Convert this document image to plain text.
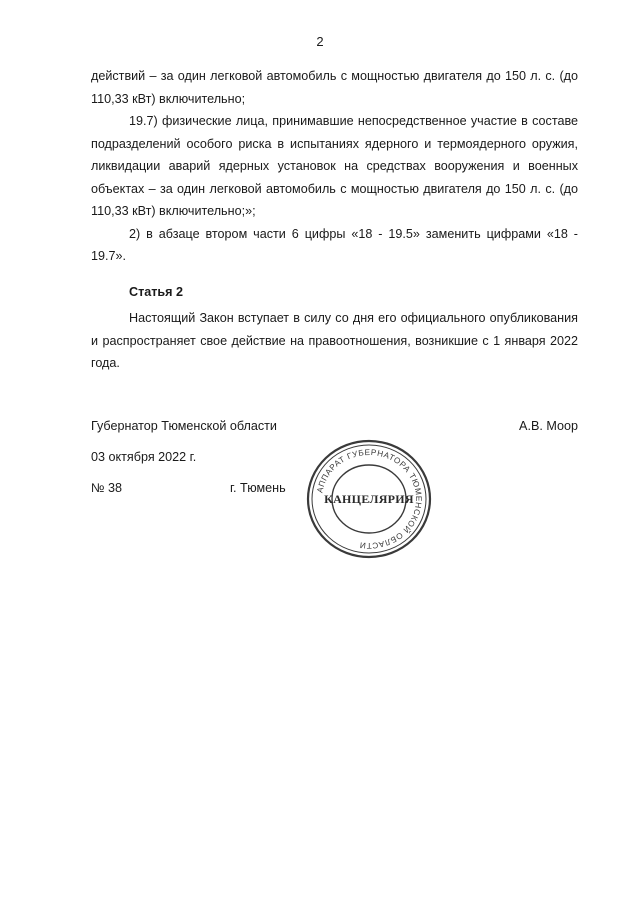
2

действий – за один легковой автомобиль с мощностью двигателя до 150 л. с. (до 110,33 кВт) включительно;

19.7) физические лица, принимавшие непосредственное участие в составе подразделений особого риска в испытаниях ядерного и термоядерного оружия, ликвидации аварий ядерных установок на средствах вооружения и военных объектах – за один легковой автомобиль с мощностью двигателя до 150 л. с. (до 110,33 кВт) включительно;»;

2) в абзаце втором части 6 цифры «18 - 19.5» заменить цифрами «18 - 19.7».

Статья 2

Настоящий Закон вступает в силу со дня его официального опубликования и распространяет свое действие на правоотношения, возникшие с 1 января 2022 года.

Губернатор Тюменской области	А.В. Моор
03 октября 2022 г.
№ 38	г. Тюмень	АППАРАТ ГУБЕРНАТОРА ТЮМЕНСКОЙ ОБЛАСТИ
КАНЦЕЛЯРИЯ
